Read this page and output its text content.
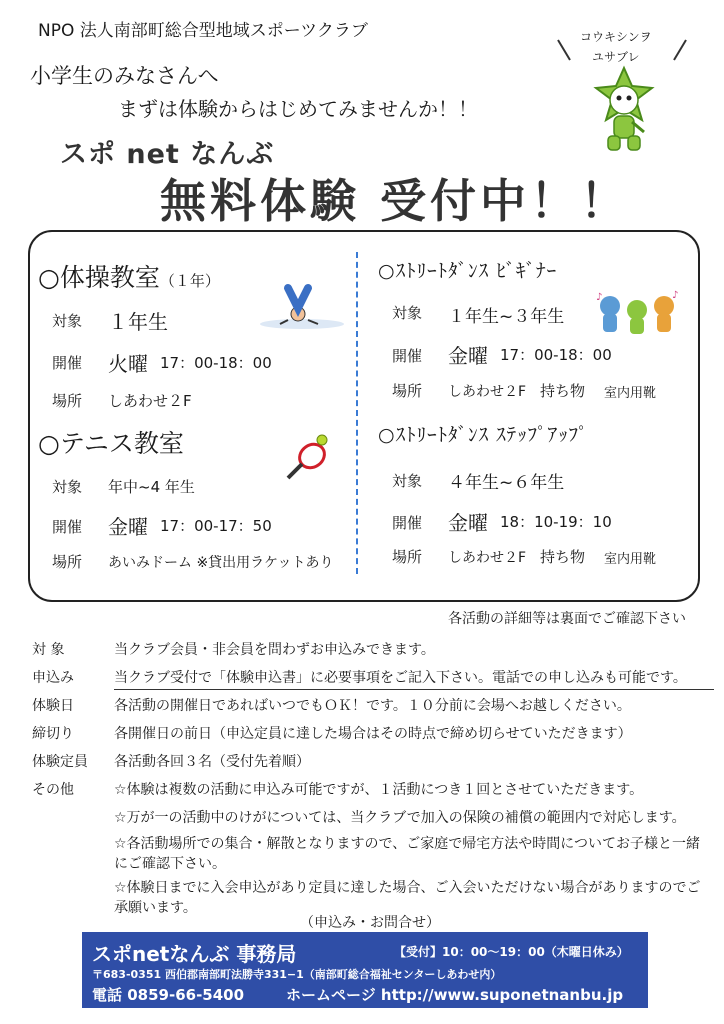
NPO 法人南部町総合型地域スポーツクラブ
小学生のみなさんへ
まずは体験からはじめてみませんか！！
スポ net なんぶ
無料体験 受付中！！
コウキシンヲ
ユサブレ
○体操教室（１年）
対象 １年生
開催 火曜 17：00-18：00
場所 しあわせ２F
○テニス教室
対象 年中~4 年生
開催 金曜 17：00-17：50
場所 あいみドーム ※貸出用ラケットあり
○ｽﾄﾘｰﾄﾀﾞﾝｽ ﾋﾞｷﾞﾅｰ
♪	♪
対象 １年生~３年生
開催 金曜 17：00-18：00
場所 しあわせ２F 持ち物 室内用靴
○ｽﾄﾘｰﾄﾀﾞﾝｽ ｽﾃｯﾌﾟｱｯﾌﾟ
対象 ４年生~６年生
開催 金曜 18：10-19：10
場所 しあわせ２F 持ち物 室内用靴
各活動の詳細等は裏面でご確認下さい
対 象	当クラブ会員・非会員を問わずお申込みできます。
申込み	当クラブ受付で「体験申込書」に必要事項をご記入下さい。電話での申し込みも可能です。
体験日	各活動の開催日であればいつでもＯＫ！です。１０分前に会場へお越しください。
締切り	各開催日の前日（申込定員に達した場合はその時点で締め切らせていただきます）
体験定員	各活動各回３名（受付先着順）
その他	☆体験は複数の活動に申込み可能ですが、１活動につき１回とさせていただきます。
☆万が一の活動中のけがについては、当クラブで加入の保険の補償の範囲内で対応します。
☆各活動場所での集合・解散となりますので、ご家庭で帰宅方法や時間についてお子様と一緒にご確認下さい。
☆体験日までに入会申込があり定員に達した場合、ご入会いただけない場合がありますのでご承願います。
（申込み・お問合せ）
スポnetなんぶ 事務局	【受付】10：00～19：00（木曜日休み）
〒683-0351 西伯郡南部町法勝寺331−1（南部町総合福祉センターしあわせ内）
電話 0859-66-5400	ホームページ http://www.suponetnanbu.jp
